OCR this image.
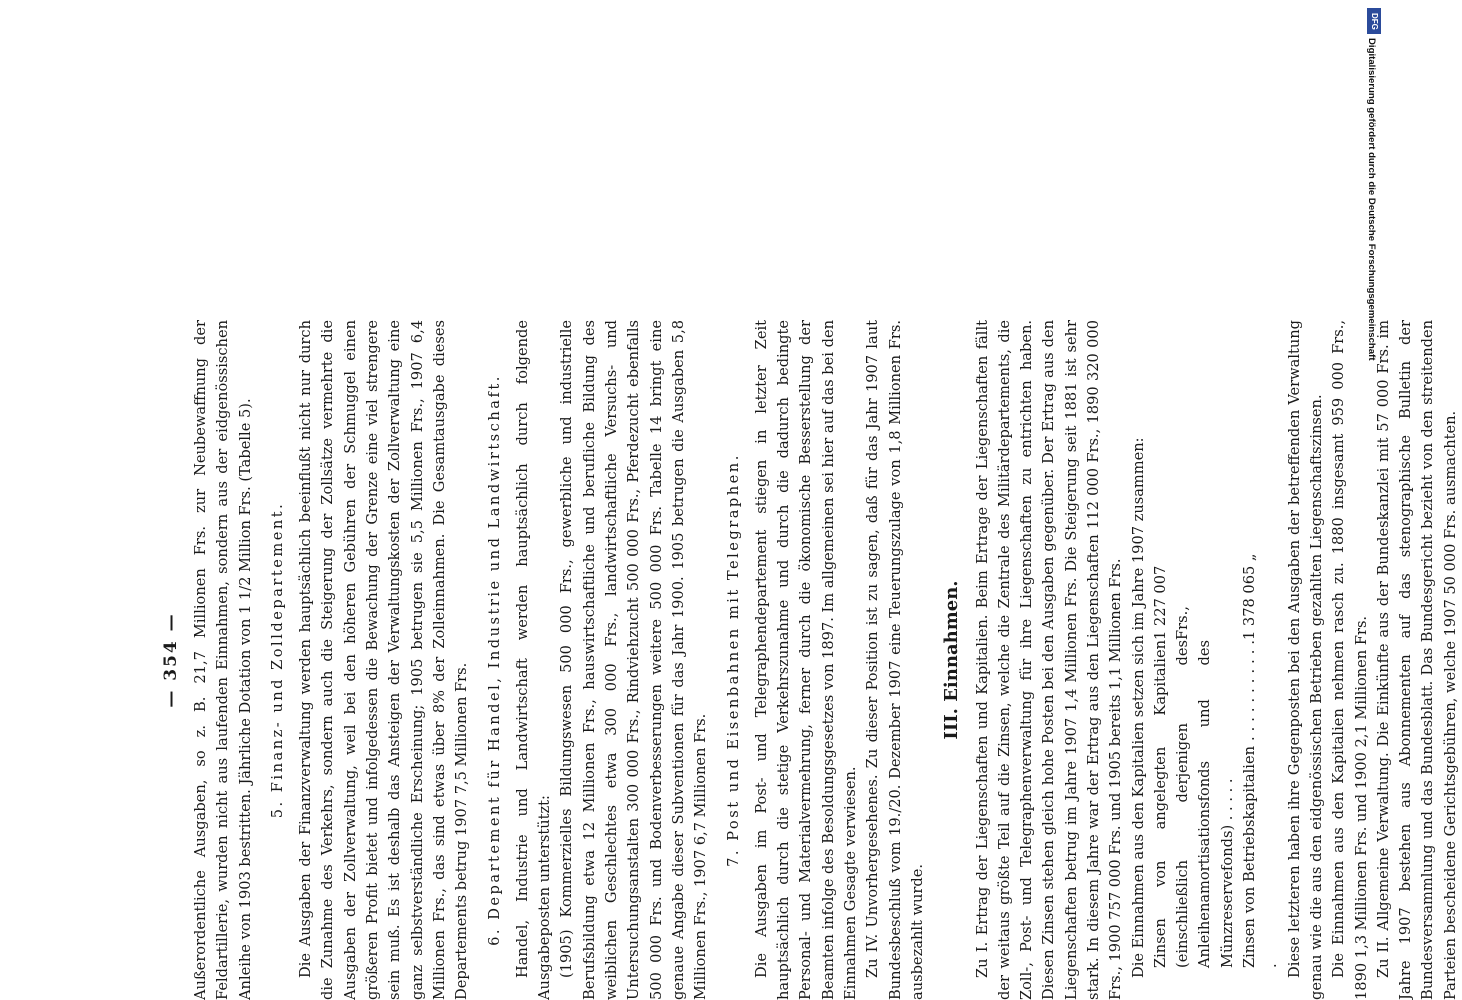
— 354 — Außerordentliche Ausgaben, so z. B. 21,7 Millionen Frs. zur Neubewaffnung der Feldartillerie, wurden nicht aus laufenden Einnahmen, sondern aus der eidgenössischen Anleihe von 1903 bestritten. Jährliche Dotation von 1 1/2 Million Frs. (Tabelle 5). 5. Finanz- und Zolldepartement. Die Ausgaben der Finanzverwaltung werden hauptsächlich beeinflußt nicht nur durch die Zunahme des Verkehrs, sondern auch die Steigerung der Zollsätze vermehrte die Ausgaben der Zollverwaltung, weil bei den höheren Gebühren der Schmuggel einen größeren Profit bietet und infolgedessen die Bewachung der Grenze eine viel strengere sein muß. Es ist deshalb das Ansteigen der Verwaltungskosten der Zollverwaltung eine ganz selbstverständliche Erscheinung; 1905 betrugen sie 5,5 Millionen Frs., 1907 6,4 Millionen Frs., das sind etwas über 8% der Zolleinnahmen. Die Gesamtausgabe dieses Departements betrug 1907 7,5 Millionen Frs. 6. Departement für Handel, Industrie und Landwirtschaft. Handel, Industrie und Landwirtschaft werden hauptsächlich durch folgende Ausgabeposten unterstützt: (1905) Kommerzielles Bildungswesen 500 000 Frs., gewerbliche und industrielle Berufsbildung etwa 12 Millionen Frs., hauswirtschaftliche und berufliche Bildung des weiblichen Geschlechtes etwa 300 000 Frs., landwirtschaftliche Versuchs- und Untersuchungsanstalten 300 000 Frs., Rindviehzucht 500 000 Frs., Pferdezucht ebenfalls 500 000 Frs. und Bodenverbesserungen weitere 500 000 Frs. Tabelle 14 bringt eine genaue Angabe dieser Subventionen für das Jahr 1900. 1905 betrugen die Ausgaben 5,8 Millionen Frs., 1907 6,7 Millionen Frs. 7. Post und Eisenbahnen mit Telegraphen. Die Ausgaben im Post- und Telegraphendepartement stiegen in letzter Zeit hauptsächlich durch die stetige Verkehrszunahme und durch die dadurch bedingte Personal- und Materialvermehrung, ferner durch die ökonomische Besserstellung der Beamten infolge des Besoldungsgesetzes von 1897. Im allgemeinen sei hier auf das bei den Einnahmen Gesagte verwiesen. Zu IV. Unvorhergesehenes. Zu dieser Position ist zu sagen, daß für das Jahr 1907 laut Bundesbeschluß vom 19./20. Dezember 1907 eine Teuerungszulage von 1,8 Millionen Frs. ausbezahlt wurde.

III. Einnahmen. Zu I. Ertrag der Liegenschaften und Kapitalien. Beim Ertrage der Liegenschaften fällt der weitaus größte Teil auf die Zinsen, welche die Zentrale des Militärdepartements, die Zoll-, Post- und Telegraphenverwaltung für ihre Liegenschaften zu entrichten haben. Diesen Zinsen stehen gleich hohe Posten bei den Ausgaben gegenüber. Der Ertrag aus den Liegenschaften betrug im Jahre 1907 1,4 Millionen Frs. Die Steigerung seit 1881 ist sehr stark. In diesem Jahre war der Ertrag aus den Liegenschaften 112 000 Frs., 1890 320 000 Frs., 1900 757 000 Frs. und 1905 bereits 1,1 Millionen Frs. Die Einnahmen aus den Kapitalien setzen sich im Jahre 1907 zusammen: Zinsen von angelegten Kapitalien (einschließlich derjenigen des Anleihenamortisationsfonds und des Münzreservefonds) . . . . .
1 227 007 Frs.,
Zinsen von Betriebskapitalien . . . . . . . . . . . .
1 378 065 „	Diese letzteren haben ihre Gegenposten bei den Ausgaben der betreffenden Verwaltung genau wie die aus den eidgenössischen Betrieben gezahlten Liegenschaftszinsen. Die Einnahmen aus den Kapitalien nehmen rasch zu. 1880 insgesamt 959 000 Frs., 1890 1,3 Millionen Frs. und 1900 2,1 Millionen Frs. Zu II. Allgemeine Verwaltung. Die Einkünfte aus der Bundeskanzlei mit 57 000 Frs. im Jahre 1907 bestehen aus Abonnementen auf das stenographische Bulletin der Bundesversammlung und das Bundesblatt. Das Bundesgericht bezieht von den streitenden Parteien bescheidene Gerichtsgebühren, welche 1907 50 000 Frs. ausmachten.

DFG
Digitalisierung gefördert durch die Deutsche Forschungsgemeinschaft
